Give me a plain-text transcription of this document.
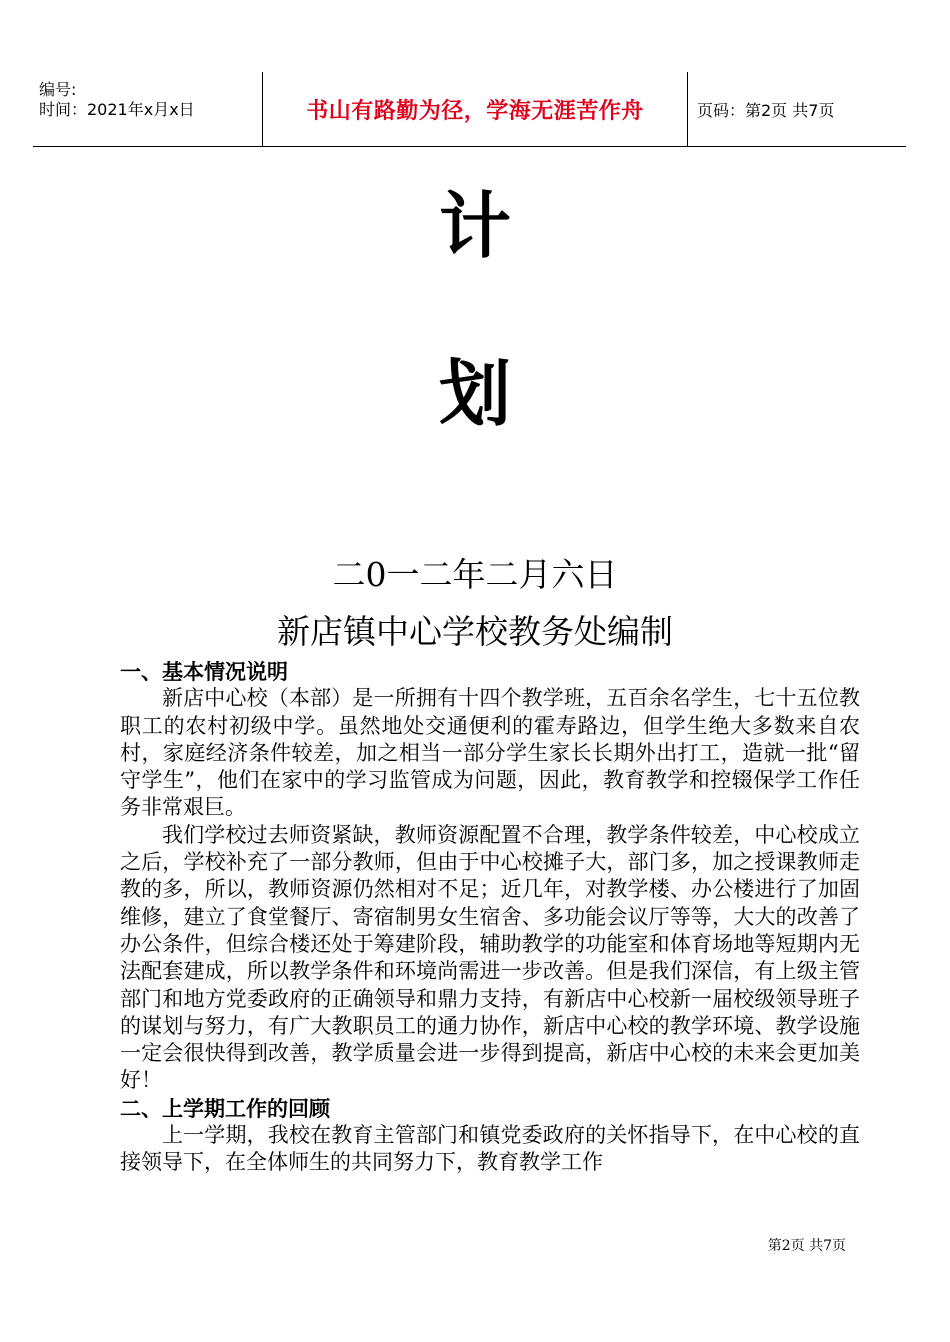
编号:
时间：2021年x月x日	书山有路勤为径，学海无涯苦作舟	页码：第2页 共7页
计
划
二0一二年二月六日
新店镇中心学校教务处编制

一、基本情况说明

新店中心校（本部）是一所拥有十四个教学班，五百余名学生，七十五位教职工的农村初级中学。虽然地处交通便利的霍寿路边，但学生绝大多数来自农村，家庭经济条件较差，加之相当一部分学生家长长期外出打工，造就一批“留守学生”，他们在家中的学习监管成为问题，因此，教育教学和控辍保学工作任务非常艰巨。

我们学校过去师资紧缺，教师资源配置不合理，教学条件较差，中心校成立之后，学校补充了一部分教师，但由于中心校摊子大，部门多，加之授课教师走教的多，所以，教师资源仍然相对不足；近几年，对教学楼、办公楼进行了加固维修，建立了食堂餐厅、寄宿制男女生宿舍、多功能会议厅等等，大大的改善了办公条件，但综合楼还处于筹建阶段，辅助教学的功能室和体育场地等短期内无法配套建成，所以教学条件和环境尚需进一步改善。但是我们深信，有上级主管部门和地方党委政府的正确领导和鼎力支持，有新店中心校新一届校级领导班子的谋划与努力，有广大教职员工的通力协作，新店中心校的教学环境、教学设施一定会很快得到改善，教学质量会进一步得到提高，新店中心校的未来会更加美好！

二、上学期工作的回顾

上一学期，我校在教育主管部门和镇党委政府的关怀指导下，在中心校的直接领导下，在全体师生的共同努力下，教育教学工作

第2页 共7页
